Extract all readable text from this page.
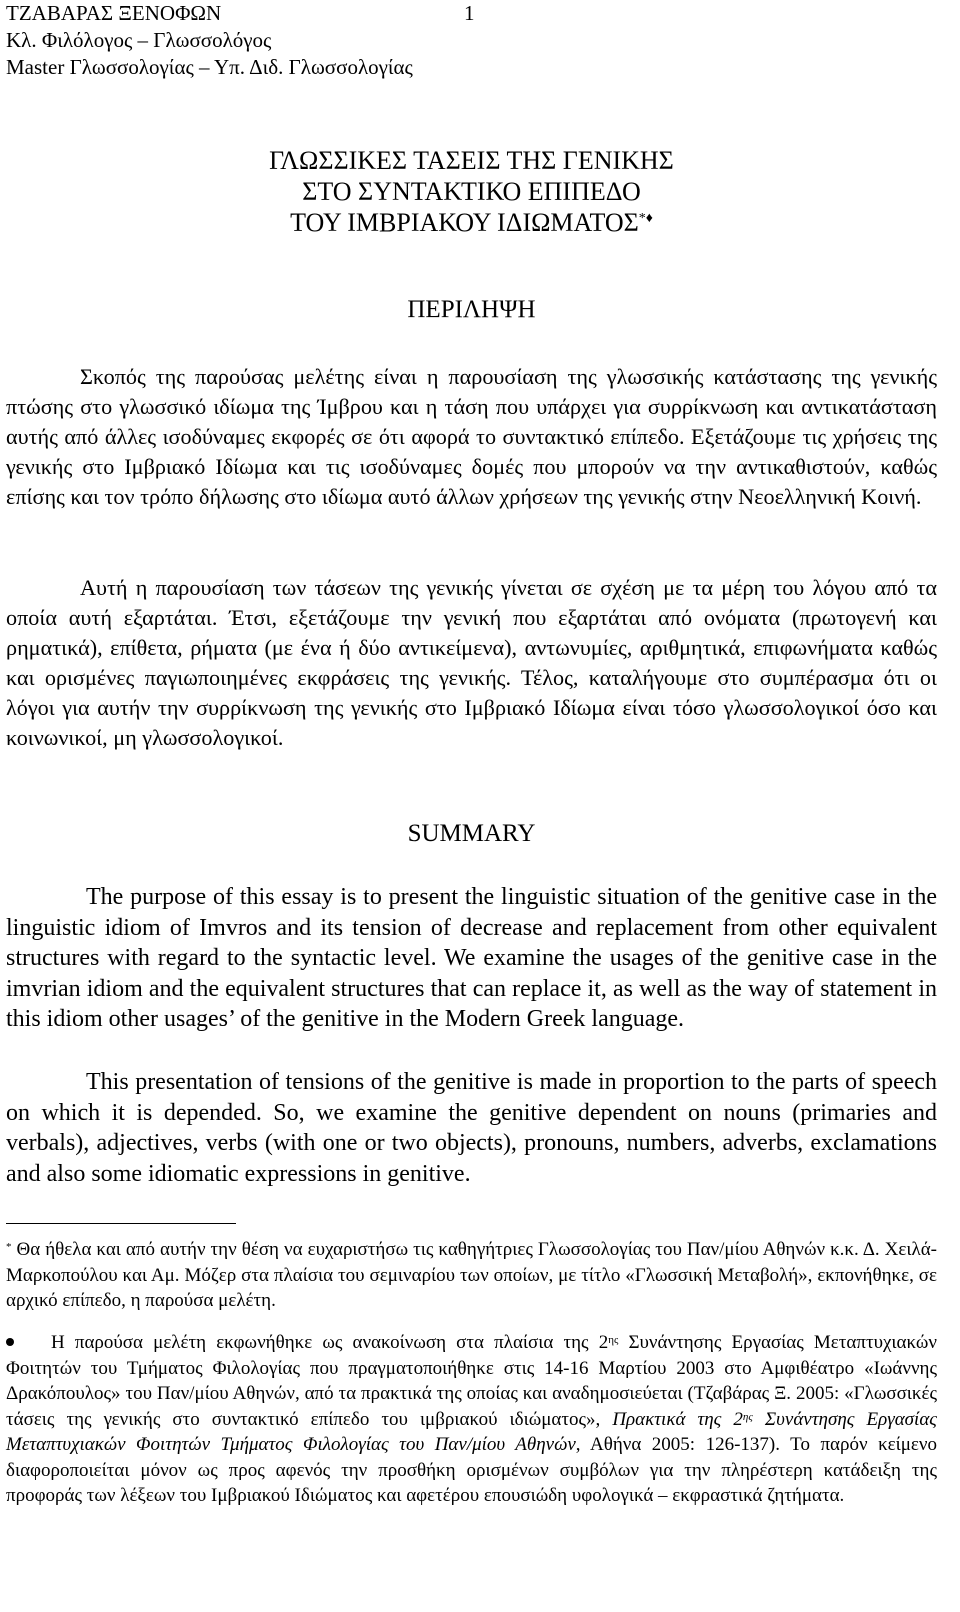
ΤΖΑΒΑΡΑΣ ΞΕΝΟΦΩΝ
Κλ. Φιλόλογος – Γλωσσολόγος
Master Γλωσσολογίας – Υπ. Διδ. Γλωσσολογίας
1
ΓΛΩΣΣΙΚΕΣ ΤΑΣΕΙΣ ΤΗΣ ΓΕΝΙΚΗΣ
ΣΤΟ ΣΥΝΤΑΚΤΙΚΟ ΕΠΙΠΕΔΟ
ΤΟΥ ΙΜΒΡΙΑΚΟΥ ΙΔΙΩΜΑΤΟΣ*♦
ΠΕΡΙΛΗΨΗ
Σκοπός της παρούσας μελέτης είναι η παρουσίαση της γλωσσικής κατάστασης της γενικής πτώσης στο γλωσσικό ιδίωμα της Ίμβρου και η τάση που υπάρχει για συρρίκνωση και αντικατάσταση αυτής από άλλες ισοδύναμες εκφορές σε ότι αφορά το συντακτικό επίπεδο. Εξετάζουμε τις χρήσεις της γενικής στο Ιμβριακό Ιδίωμα και τις ισοδύναμες δομές που μπορούν να την αντικαθιστούν, καθώς επίσης και τον τρόπο δήλωσης στο ιδίωμα αυτό άλλων χρήσεων της γενικής στην Νεοελληνική Κοινή.
Αυτή η παρουσίαση των τάσεων της γενικής γίνεται σε σχέση με τα μέρη του λόγου από τα οποία αυτή εξαρτάται. Έτσι, εξετάζουμε την γενική που εξαρτάται από ονόματα (πρωτογενή και ρηματικά), επίθετα, ρήματα (με ένα ή δύο αντικείμενα), αντωνυμίες, αριθμητικά, επιφωνήματα καθώς και ορισμένες παγιωποιημένες εκφράσεις της γενικής. Τέλος, καταλήγουμε στο συμπέρασμα ότι οι λόγοι για αυτήν την συρρίκνωση της γενικής στο Ιμβριακό Ιδίωμα είναι τόσο γλωσσολογικοί όσο και κοινωνικοί, μη γλωσσολογικοί.
SUMMARY
The purpose of this essay is to present the linguistic situation of the genitive case in the linguistic idiom of Imvros and its tension of decrease and replacement from other equivalent structures with regard to the syntactic level. We examine the usages of the genitive case in the imvrian idiom and the equivalent structures that can replace it, as well as the way of statement in this idiom other usages’ of the genitive in the Modern Greek language.
This presentation of tensions of the genitive is made in proportion to the parts of speech on which it is depended. So, we examine the genitive dependent on nouns (primaries and verbals), adjectives, verbs (with one or two objects), pronouns, numbers, adverbs, exclamations and also some idiomatic expressions in genitive.
* Θα ήθελα και από αυτήν την θέση να ευχαριστήσω τις καθηγήτριες Γλωσσολογίας του Παν/μίου Αθηνών κ.κ. Δ. Χειλά-Μαρκοπούλου και Αμ. Μόζερ στα πλαίσια του σεμιναρίου των οποίων, με τίτλο «Γλωσσική Μεταβολή», εκπονήθηκε, σε αρχικό επίπεδο, η παρούσα μελέτη.
Η παρούσα μελέτη εκφωνήθηκε ως ανακοίνωση στα πλαίσια της $2^{\eta\varsigma}$ Συνάντησης Εργασίας Μεταπτυχιακών Φοιτητών του Τμήματος Φιλολογίας που πραγματοποιήθηκε στις 14-16 Μαρτίου 2003 στο Αμφιθέατρο «Ιωάννης Δρακόπουλος» του Παν/μίου Αθηνών, από τα πρακτικά της οποίας και αναδημοσιεύεται (Τζαβάρας Ξ. 2005: «Γλωσσικές τάσεις της γενικής στο συντακτικό επίπεδο του ιμβριακού ιδιώματος», Πρακτικά της $2^{\eta\varsigma}$ Συνάντησης Εργασίας Μεταπτυχιακών Φοιτητών Τμήματος Φιλολογίας του Παν/μίου Αθηνών, Αθήνα 2005: 126-137). Το παρόν κείμενο διαφοροποιείται μόνον ως προς αφενός την προσθήκη ορισμένων συμβόλων για την πληρέστερη κατάδειξη της προφοράς των λέξεων του Ιμβριακού Ιδιώματος και αφετέρου επουσιώδη υφολογικά – εκφραστικά ζητήματα.
